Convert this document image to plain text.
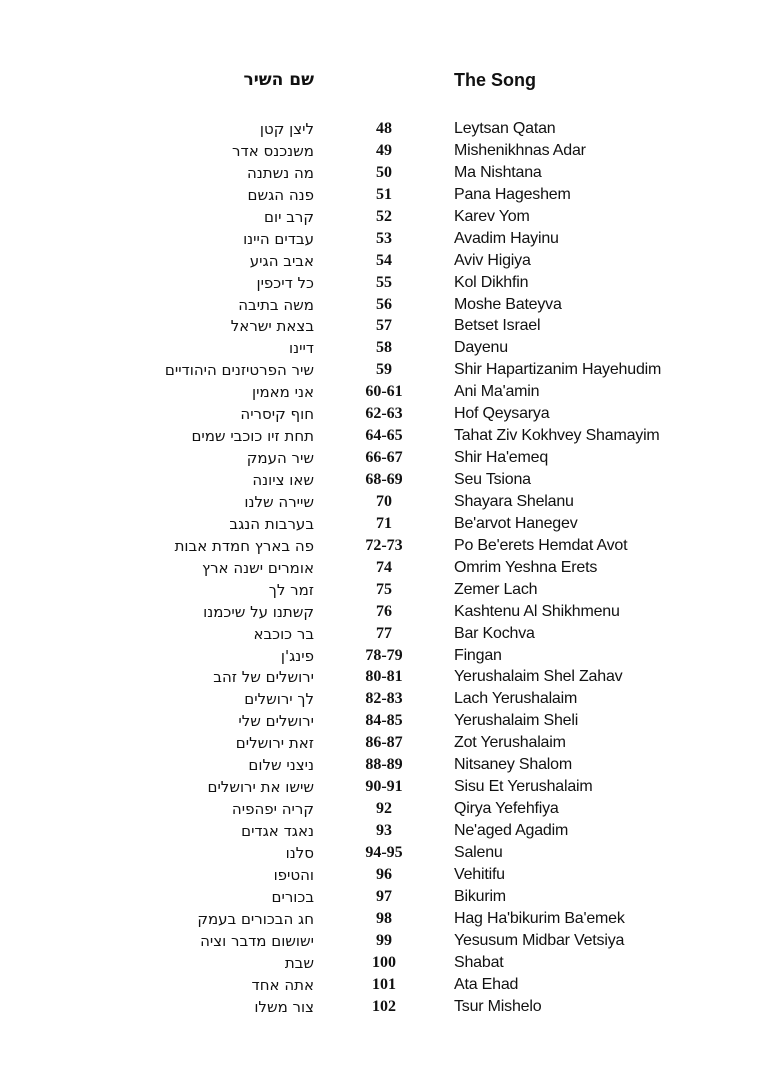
שם השיר	The Song
ליצן קטן	48	Leytsan Qatan
משנכנס אדר	49	Mishenikhnas Adar
מה נשתנה	50	Ma Nishtana
פנה הגשם	51	Pana Hageshem
קרב יום	52	Karev Yom
עבדים היינו	53	Avadim Hayinu
אביב הגיע	54	Aviv Higiya
כל דיכפין	55	Kol Dikhfin
משה בתיבה	56	Moshe Bateyva
בצאת ישראל	57	Betset Israel
דיינו	58	Dayenu
שיר הפרטיזנים היהודיים	59	Shir Hapartizanim Hayehudim
אני מאמין	60-61	Ani Ma'amin
חוף קיסריה	62-63	Hof Qeysarya
תחת זיו כוכבי שמים	64-65	Tahat Ziv Kokhvey Shamayim
שיר העמק	66-67	Shir Ha'emeq
שאו ציונה	68-69	Seu Tsiona
שיירה שלנו	70	Shayara Shelanu
בערבות הנגב	71	Be'arvot Hanegev
פה בארץ חמדת אבות	72-73	Po Be'erets Hemdat Avot
אומרים ישנה ארץ	74	Omrim Yeshna Erets
זמר לך	75	Zemer Lach
קשתנו על שיכמנו	76	Kashtenu Al Shikhmenu
בר כוכבא	77	Bar Kochva
פינג'ן	78-79	Fingan
ירושלים של זהב	80-81	Yerushalaim Shel Zahav
לך ירושלים	82-83	Lach Yerushalaim
ירושלים שלי	84-85	Yerushalaim Sheli
זאת ירושלים	86-87	Zot Yerushalaim
ניצני שלום	88-89	Nitsaney Shalom
שישו את ירושלים	90-91	Sisu Et Yerushalaim
קריה יפהפיה	92	Qirya Yefehfiya
נאגד אגדים	93	Ne'aged Agadim
סלנו	94-95	Salenu
והטיפו	96	Vehitifu
בכורים	97	Bikurim
חג הבכורים בעמק	98	Hag Ha'bikurim Ba'emek
ישושום מדבר וציה	99	Yesusum Midbar Vetsiya
שבת	100	Shabat
אתה אחד	101	Ata Ehad
צור משלו	102	Tsur Mishelo
